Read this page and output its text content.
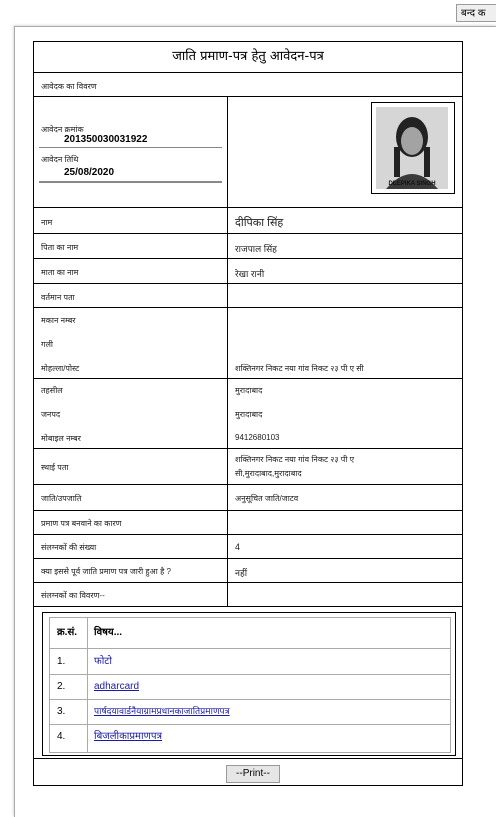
बन्द क
जाति प्रमाण-पत्र हेतु आवेदन-पत्र
आवेदक का विवरण
आवेदन क्रमांक
201350030031922
आवेदन तिथि
25/08/2020
DEEPIKA SINGH
नाम	दीपिका सिंह
पिता का नाम	राजपाल सिंह
माता का नाम	रेखा रानी
वर्तमान पता
मकान नम्बर
गली
मोहल्ला/पोस्ट	शक्तिनगर निकट नया गांव निकट २३ पी ए सी
तहसील	मुरादाबाद
जनपद	मुरादाबाद
मोबाइल नम्बर	9412680103
स्थाई पता
शक्तिनगर निकट नया गांव निकट २३ पी ए
सी,मुरादाबाद,मुरादाबाद
जाति/उपजाति	अनुसूचित जाति/जाटव
प्रमाण पत्र बनवाने का कारण
संलग्नकों की संख्या	4
क्या इससे पूर्व जाति प्रमाण पत्र जारी हुआ है ?	नहीं
संलग्नकों का विवरण--
क्र.सं.	विषय...
1.	फोटो
2.	adharcard
3.	पार्षदयावार्डनैयाग्रामप्रधानकाजातिप्रमाणपत्र
4.	बिजलीकाप्रमाणपत्र
--Print--
